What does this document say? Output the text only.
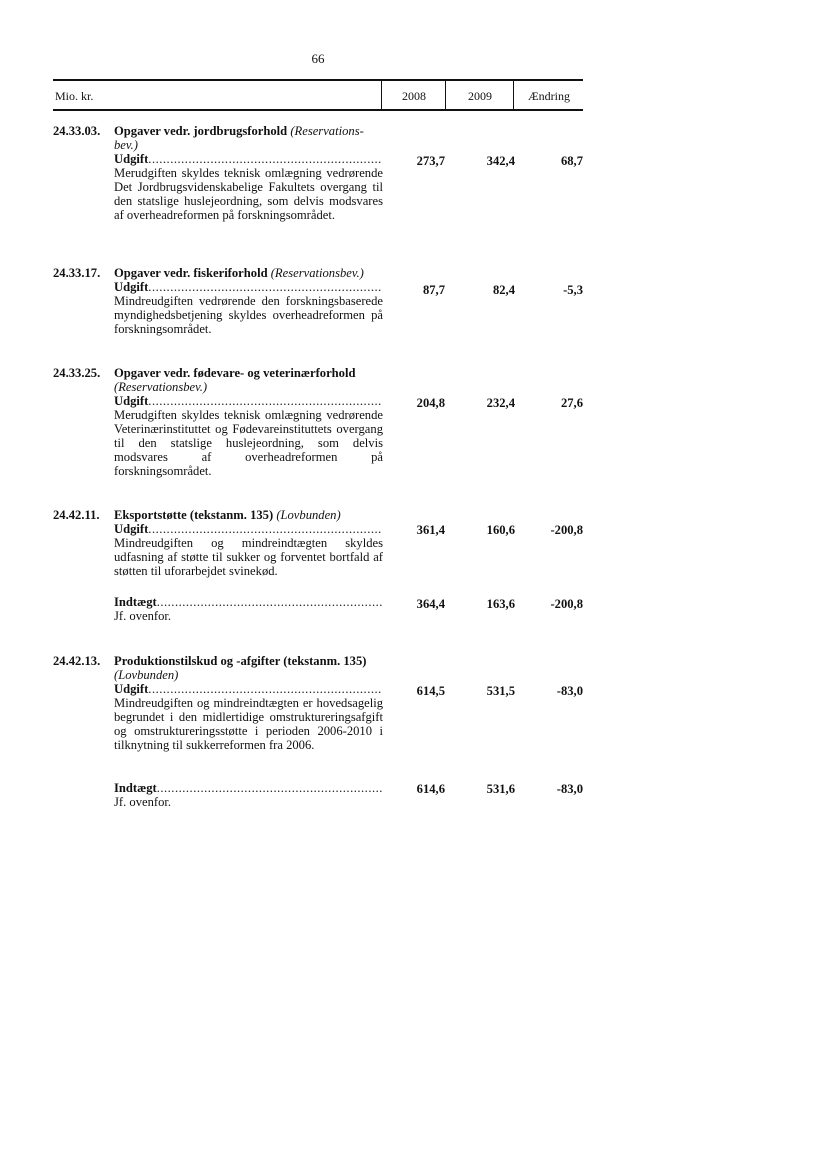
66
Mio. kr.	2008	2009	Ændring
24.33.03. Opgaver vedr. jordbrugsforhold (Reservations-
bev.)
Udgift .....	273,7	342,4	68,7
Merudgiften skyldes teknisk omlægning vedrørende Det Jordbrugsvidenskabelige Fakultets overgang til den statslige huslejeordning, som delvis modsvares af overheadreformen på forskningsområdet.
24.33.17. Opgaver vedr. fiskeriforhold (Reservationsbev.)
Udgift .....	87,7	82,4	-5,3
Mindreudgiften vedrørende den forskningsbaserede myndighedsbetjening skyldes overheadreformen på forskningsområdet.
24.33.25. Opgaver vedr. fødevare- og veterinærforhold
(Reservationsbev.)
Udgift .....	204,8	232,4	27,6
Merudgiften skyldes teknisk omlægning vedrørende Veterinærinstituttet og Fødevareinstituttets overgang til den statslige huslejeordning, som delvis modsvares af overheadreformen på forskningsområdet.
24.42.11. Eksportstøtte (tekstanm. 135) (Lovbunden)
Udgift .....	361,4	160,6	-200,8
Mindreudgiften og mindreindtægten skyldes udfasning af støtte til sukker og forventet bortfald af støtten til uforarbejdet svinekød.
Indtægt .....	364,4	163,6	-200,8
Jf. ovenfor.
24.42.13. Produktionstilskud og -afgifter (tekstanm. 135)
(Lovbunden)
Udgift .....	614,5	531,5	-83,0
Mindreudgiften og mindreindtægten er hovedsagelig begrundet i den midlertidige omstruktureringsafgift og omstruktureringsstøtte i perioden 2006-2010 i tilknytning til sukkerreformen fra 2006.
Indtægt .....	614,6	531,6	-83,0
Jf. ovenfor.
